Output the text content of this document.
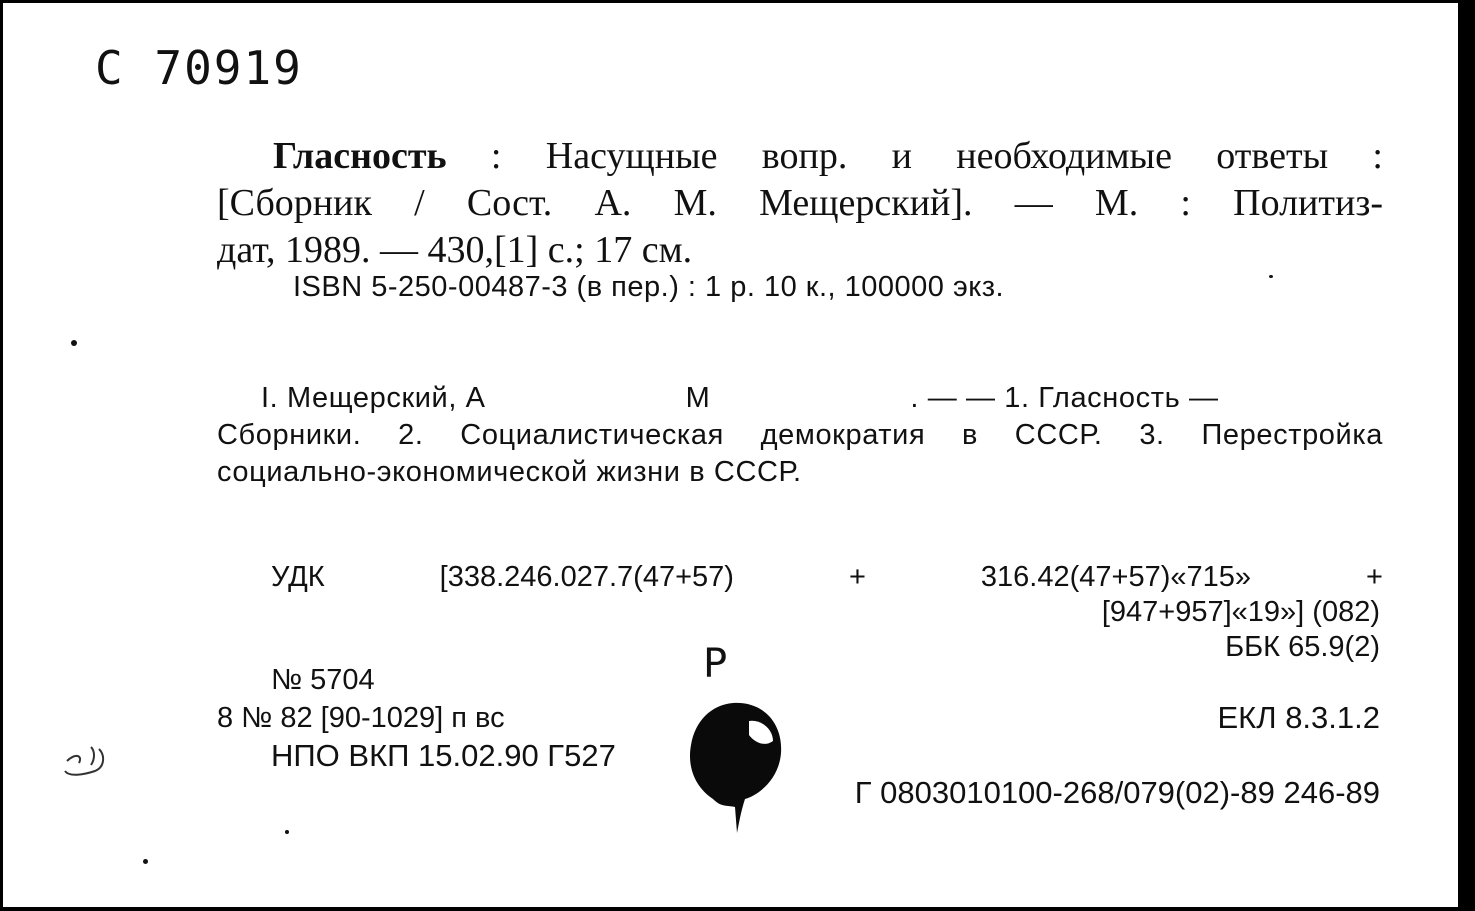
С 70919
Гласность : Насущные вопр. и необходимые ответы :
[Сборник / Сост. А. М. Мещерский]. — М. : Политиз-
дат, 1989. — 430,[1] с.; 17 см.
ISBN 5-250-00487-3 (в пер.) : 1 р. 10 к., 100000 экз.
I. Мещерский, А	М	. — — 1. Гласность —
Сборники. 2. Социалистическая демократия в СССР. 3. Перестройка
социально-экономической жизни в СССР.
УДК	[338.246.027.7(47+57)	+	316.42(47+57)«715»	+
[947+957]«19»] (082)
ББК 65.9(2)
№ 5704
8 № 82 [90-1029] п вс	ЕКЛ 8.3.1.2
НПО ВКП 15.02.90 Г527
Г 0803010100-268/079(02)-89 246-89
Р
